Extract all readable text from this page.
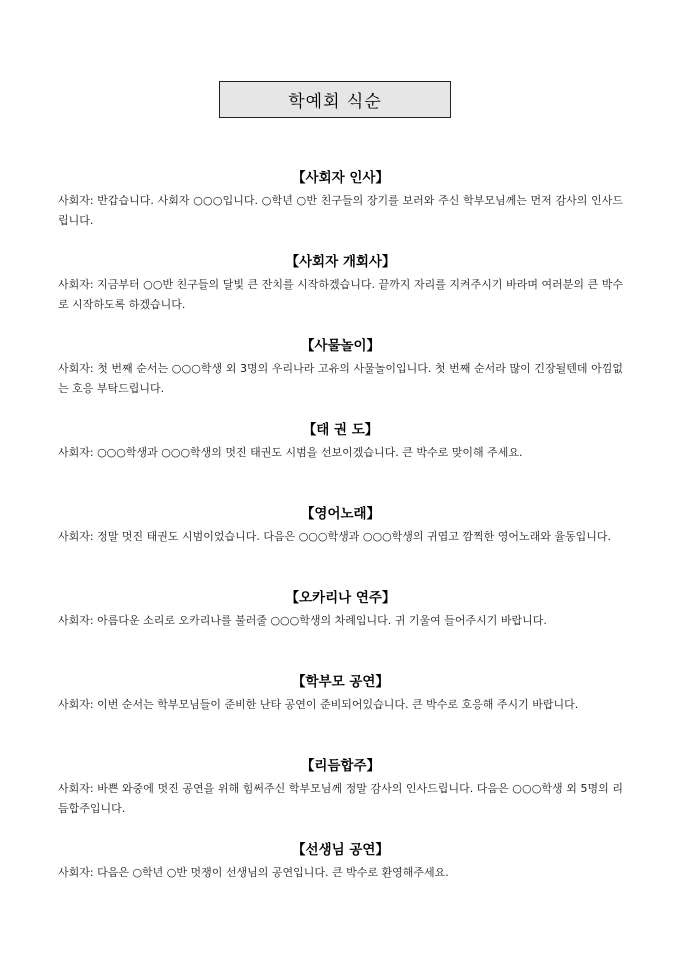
학예회 식순
【사회자 인사】
사회자: 반갑습니다. 사회자 ○○○입니다. ○학년 ○반 친구들의 장기를 보러와 주신 학부모님께는 먼저 감사의 인사드립니다.
【사회자 개회사】
사회자: 지금부터 ○○반 친구들의 달빛 큰 잔치를 시작하겠습니다. 끝까지 자리를 지켜주시기 바라며 여러분의 큰 박수로 시작하도록 하겠습니다.
【사물놀이】
사회자: 첫 번째 순서는 ○○○학생 외 3명의 우리나라 고유의 사물놀이입니다. 첫 번째 순서라 많이 긴장될텐데 아낌없는 호응 부탁드립니다.
【태 권 도】
사회자: ○○○학생과 ○○○학생의 멋진 태권도 시범을 선보이겠습니다. 큰 박수로 맞이해 주세요.
【영어노래】
사회자: 정말 멋진 태권도 시범이었습니다. 다음은 ○○○학생과 ○○○학생의 귀엽고 깜찍한 영어노래와 율동입니다.
【오카리나 연주】
사회자: 아름다운 소리로 오카리나를 불러줄 ○○○학생의 차례입니다. 귀 기울여 들어주시기 바랍니다.
【학부모 공연】
사회자: 이번 순서는 학부모님들이 준비한 난타 공연이 준비되어있습니다. 큰 박수로 호응해 주시기 바랍니다.
【리듬합주】
사회자: 바쁜 와중에 멋진 공연을 위해 힘써주신 학부모님께 정말 감사의 인사드립니다. 다음은 ○○○학생 외 5명의 리듬합주입니다.
【선생님 공연】
사회자: 다음은 ○학년 ○반 멋쟁이 선생님의 공연입니다. 큰 박수로 환영해주세요.
